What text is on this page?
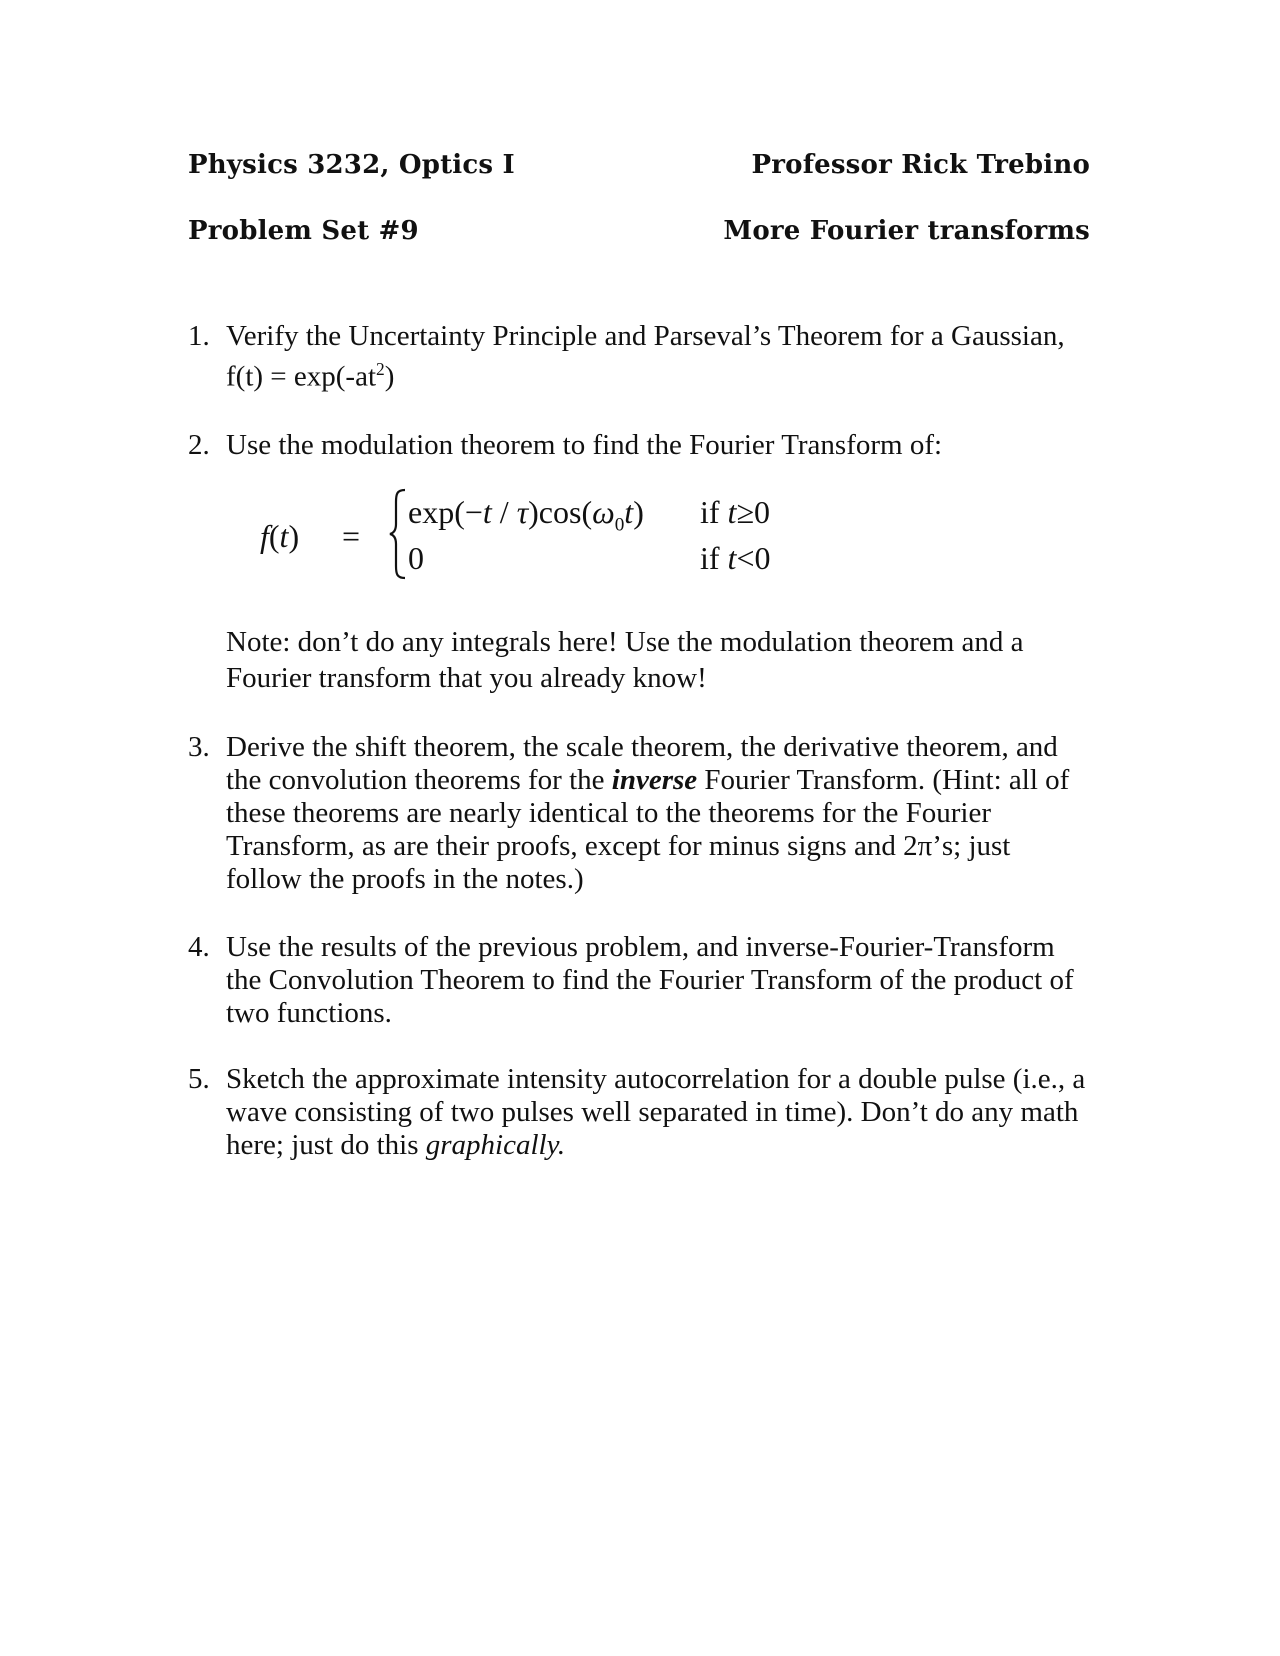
Physics 3232, Optics I	Professor Rick Trebino
Problem Set #9	More Fourier transforms
1. Verify the Uncertainty Principle and Parseval’s Theorem for a Gaussian, $f(t) = \exp(-at^2)$
2. Use the modulation theorem to find the Fourier Transform of:
f(t) =
$\exp(-t / \tau)\cos(\omega_0t)$
0
if t≥0
if t<0
Note: don’t do any integrals here! Use the modulation theorem and a Fourier transform that you already know!
3. Derive the shift theorem, the scale theorem, the derivative theorem, and the convolution theorems for the inverse Fourier Transform. (Hint: all of these theorems are nearly identical to the theorems for the Fourier Transform, as are their proofs, except for minus signs and 2π’s; just follow the proofs in the notes.)
4. Use the results of the previous problem, and inverse-Fourier-Transform the Convolution Theorem to find the Fourier Transform of the product of two functions.
5. Sketch the approximate intensity autocorrelation for a double pulse (i.e., a wave consisting of two pulses well separated in time). Don’t do any math here; just do this graphically.
